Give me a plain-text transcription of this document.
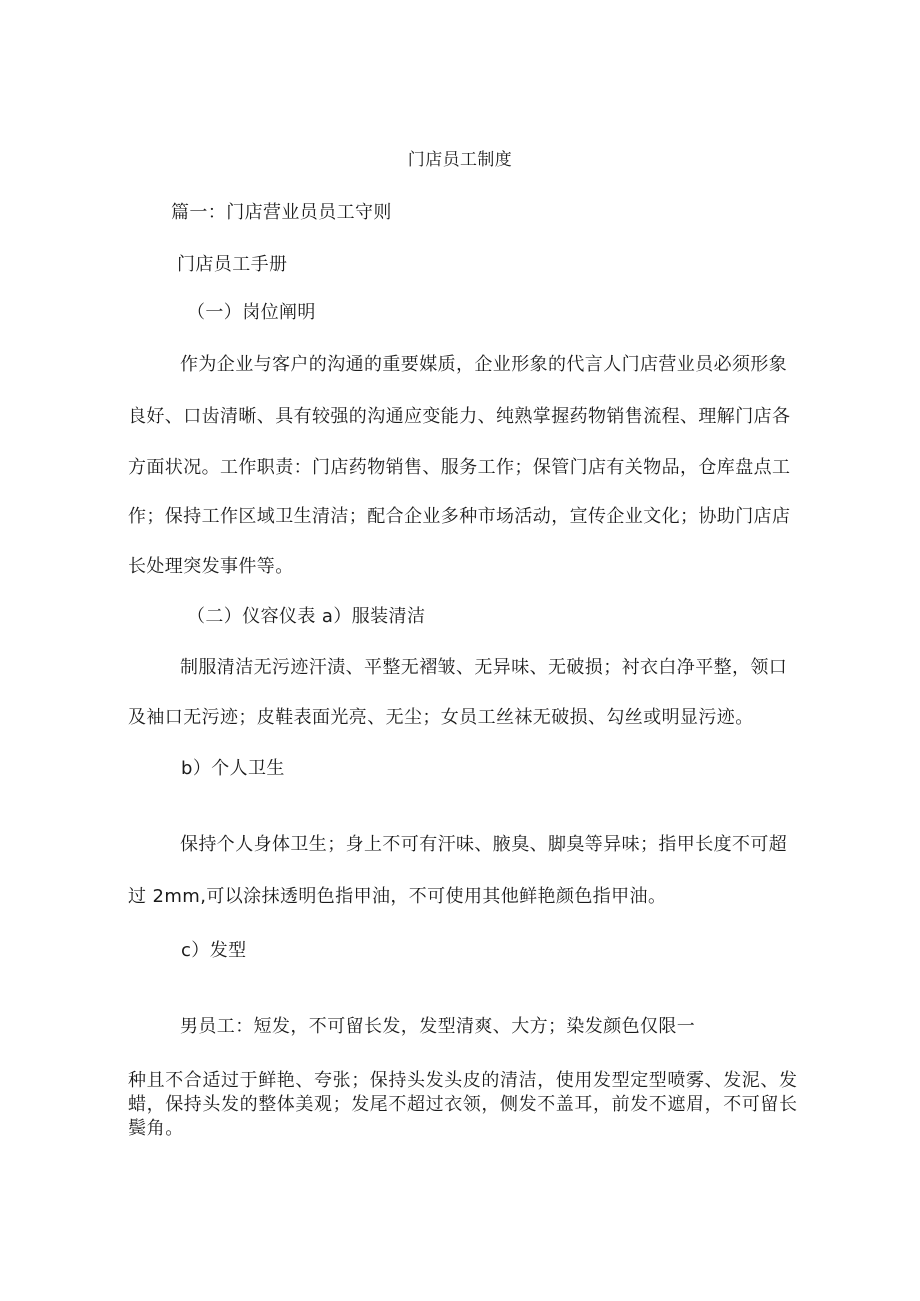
门店员工制度

篇一：门店营业员员工守则

门店员工手册

（一）岗位阐明

作为企业与客户的沟通的重要媒质，企业形象的代言人门店营业员必须形象

良好、口齿清晰、具有较强的沟通应变能力、纯熟掌握药物销售流程、理解门店各

方面状况。工作职责：门店药物销售、服务工作；保管门店有关物品，仓库盘点工

作；保持工作区域卫生清洁；配合企业多种市场活动，宣传企业文化；协助门店店

长处理突发事件等。

（二）仪容仪表 a）服装清洁

制服清洁无污迹汗渍、平整无褶皱、无异味、无破损；衬衣白净平整，领口

及袖口无污迹；皮鞋表面光亮、无尘；女员工丝袜无破损、勾丝或明显污迹。

b）个人卫生

保持个人身体卫生；身上不可有汗味、腋臭、脚臭等异味；指甲长度不可超

过 2mm,可以涂抹透明色指甲油，不可使用其他鲜艳颜色指甲油。

c）发型

男员工：短发，不可留长发，发型清爽、大方；染发颜色仅限一

种且不合适过于鲜艳、夸张；保持头发头皮的清洁，使用发型定型喷雾、发泥、发

蜡，保持头发的整体美观；发尾不超过衣领，侧发不盖耳，前发不遮眉，不可留长

鬓角。
